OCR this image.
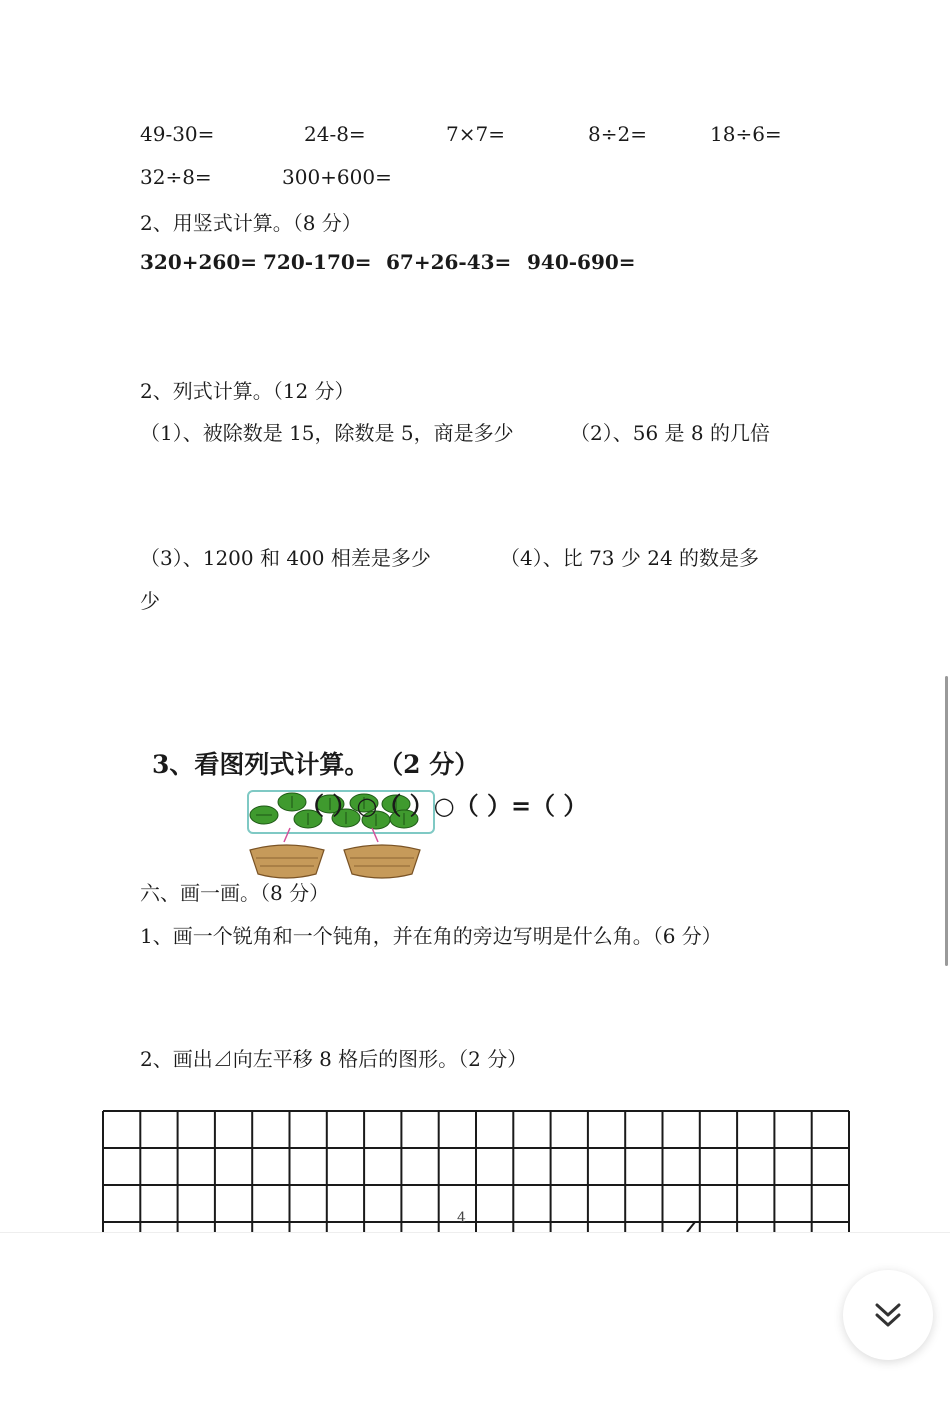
49-30=	24-8=	7×7=	8÷2=	18÷6=
32÷8=	300+600=
2、用竖式计算。（8 分）
320+260= 720-170= 67+26-43= 940-690=
2、列式计算。（12 分）
（1）、被除数是 15，除数是 5，商是多少	（2）、56 是 8 的几倍
（3）、1200 和 400 相差是多少	（4）、比 73 少 24 的数是多
少
3、看图列式计算。 （2 分）
（ ）○（ ）○（ ）=（ ）
六、画一画。（8 分）
1、画一个锐角和一个钝角，并在角的旁边写明是什么角。（6 分）
2、画出⊿向左平移 8 格后的图形。（2 分）
4
